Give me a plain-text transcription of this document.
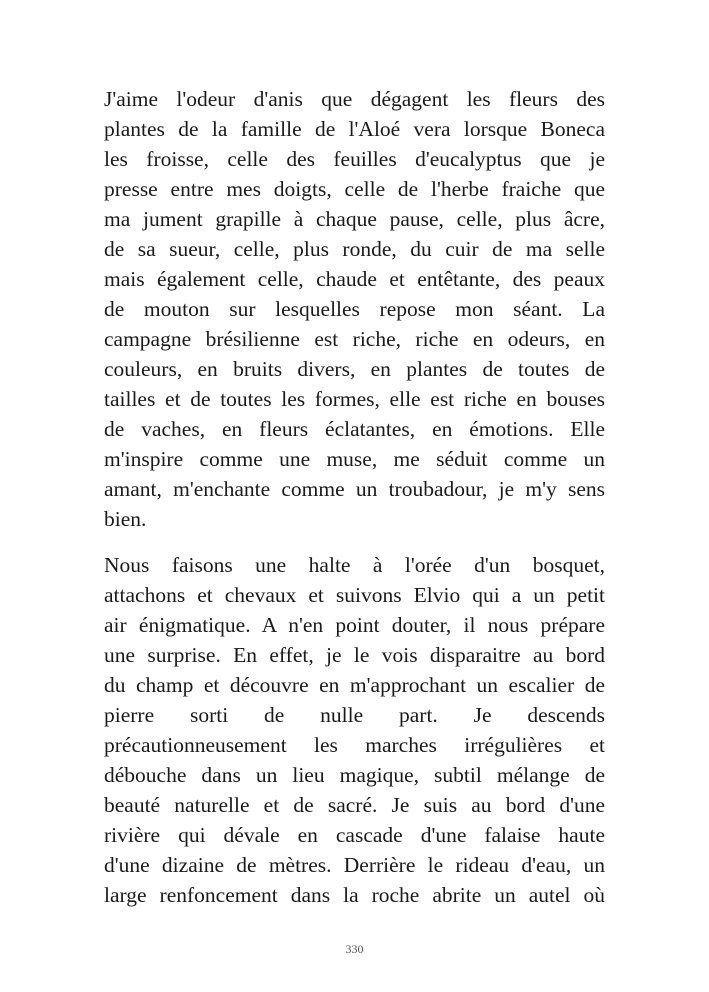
J'aime l'odeur d'anis que dégagent les fleurs des
plantes de la famille de l'Aloé vera lorsque Boneca
les froisse, celle des feuilles d'eucalyptus que je
presse entre mes doigts, celle de l'herbe fraiche que
ma jument grapille à chaque pause, celle, plus âcre,
de sa sueur, celle, plus ronde, du cuir de ma selle
mais également celle, chaude et entêtante, des peaux
de mouton sur lesquelles repose mon séant. La
campagne brésilienne est riche, riche en odeurs, en
couleurs, en bruits divers, en plantes de toutes de
tailles et de toutes les formes, elle est riche en bouses
de vaches, en fleurs éclatantes, en émotions. Elle
m'inspire comme une muse, me séduit comme un
amant, m'enchante comme un troubadour, je m'y sens
bien.

Nous faisons une halte à l'orée d'un bosquet,
attachons et chevaux et suivons Elvio qui a un petit
air énigmatique. A n'en point douter, il nous prépare
une surprise. En effet, je le vois disparaitre au bord
du champ et découvre en m'approchant un escalier de
pierre sorti de nulle part. Je descends
précautionneusement les marches irrégulières et
débouche dans un lieu magique, subtil mélange de
beauté naturelle et de sacré. Je suis au bord d'une
rivière qui dévale en cascade d'une falaise haute
d'une dizaine de mètres. Derrière le rideau d'eau, un
large renfoncement dans la roche abrite un autel où

330
